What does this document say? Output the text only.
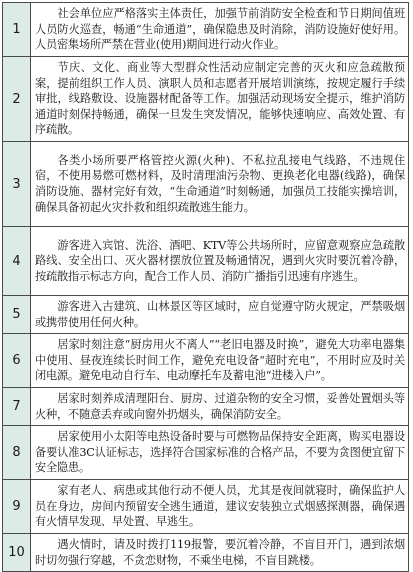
1	社会单位应严格落实主体责任，加强节前消防安全检查和节日期间值班人员防火巡查，畅通“生命通道”，确保隐患及时消除，消防设施好使好用。人员密集场所严禁在营业(使用)期间进行动火作业。
2	节庆、文化、商业等大型群众性活动应制定完善的灭火和应急疏散预案，提前组织工作人员、演职人员和志愿者开展培训演练，按规定履行手续审批，线路敷设、设施器材配备等工作。加强活动现场安全提示，维护消防通道时刻保持畅通，确保一旦发生突发情况，能够快速响应、高效处置、有序疏散。
3	各类小场所要严格管控火源(火种)、不私拉乱接电气线路，不违规住宿，不使用易燃可燃材料，及时清理油污杂物、更换老化电器(线路)，确保消防设施、器材完好有效，“生命通道”时刻畅通，加强员工技能实操培训，确保具备初起火灾扑救和组织疏散逃生能力。
4	游客进入宾馆、洗浴、酒吧、KTV等公共场所时，应留意观察应急疏散路线、安全出口、灭火器材摆放位置及畅通情况，遇到火灾时要沉着冷静，按疏散指示标志方向，配合工作人员、消防广播指引迅速有序逃生。
5	游客进入古建筑、山林景区等区域时，应自觉遵守防火规定，严禁吸烟或携带使用任何火种。
6	居家时刻注意“厨房用火不离人”“老旧电器及时换”，避免大功率电器集中使用、昼夜连续长时间工作，避免充电设备“超时充电”，不用时应及时关闭电源。避免电动自行车、电动摩托车及蓄电池“进楼入户”。
7	居家时刻养成清理阳台、厨房、过道杂物的安全习惯，妥善处置烟头等火种，不随意丢弃或向窗外扔烟头，确保消防安全。
8	居家使用小太阳等电热设备时要与可燃物品保持安全距离，购买电器设备要认准3C认证标志，选择符合国家标准的合格产品，不要为贪图便宜留下安全隐患。
9	家有老人、病患或其他行动不便人员，尤其是夜间就寝时，确保监护人员在身边，房间内预留安全逃生通道，建议安装独立式烟感探测器，确保遇有火情早发现、早处置、早逃生。
10	遇火情时，请及时拨打119报警，要沉着冷静，不盲目开门，遇到浓烟时切勿强行穿越，不贪恋财物，不乘坐电梯，不盲目跳楼。
